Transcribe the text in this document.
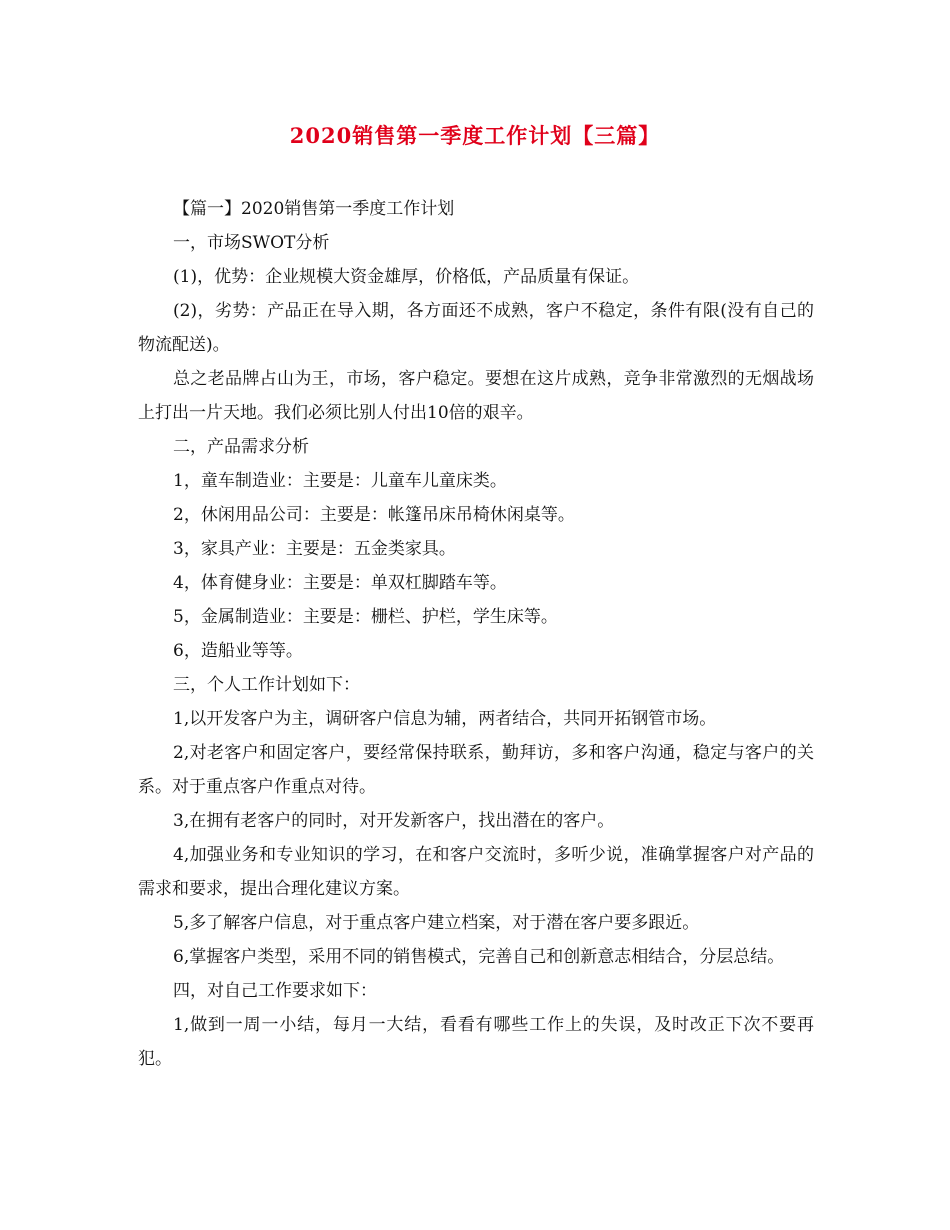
2020销售第一季度工作计划【三篇】

【篇一】2020销售第一季度工作计划

一，市场SWOT分析

(1)，优势：企业规模大资金雄厚，价格低，产品质量有保证。

(2)，劣势：产品正在导入期，各方面还不成熟，客户不稳定，条件有限(没有自己的物流配送)。

总之老品牌占山为王，市场，客户稳定。要想在这片成熟，竞争非常激烈的无烟战场上打出一片天地。我们必须比别人付出10倍的艰辛。

二，产品需求分析

1，童车制造业：主要是：儿童车儿童床类。

2，休闲用品公司：主要是：帐篷吊床吊椅休闲桌等。

3，家具产业：主要是：五金类家具。

4，体育健身业：主要是：单双杠脚踏车等。

5，金属制造业：主要是：栅栏、护栏，学生床等。

6，造船业等等。

三，个人工作计划如下：

1,以开发客户为主，调研客户信息为辅，两者结合，共同开拓钢管市场。

2,对老客户和固定客户，要经常保持联系，勤拜访，多和客户沟通，稳定与客户的关系。对于重点客户作重点对待。

3,在拥有老客户的同时，对开发新客户，找出潜在的客户。

4,加强业务和专业知识的学习，在和客户交流时，多听少说，准确掌握客户对产品的需求和要求，提出合理化建议方案。

5,多了解客户信息，对于重点客户建立档案，对于潜在客户要多跟近。

6,掌握客户类型，采用不同的销售模式，完善自己和创新意志相结合，分层总结。

四，对自己工作要求如下：

1,做到一周一小结，每月一大结，看看有哪些工作上的失误，及时改正下次不要再犯。
